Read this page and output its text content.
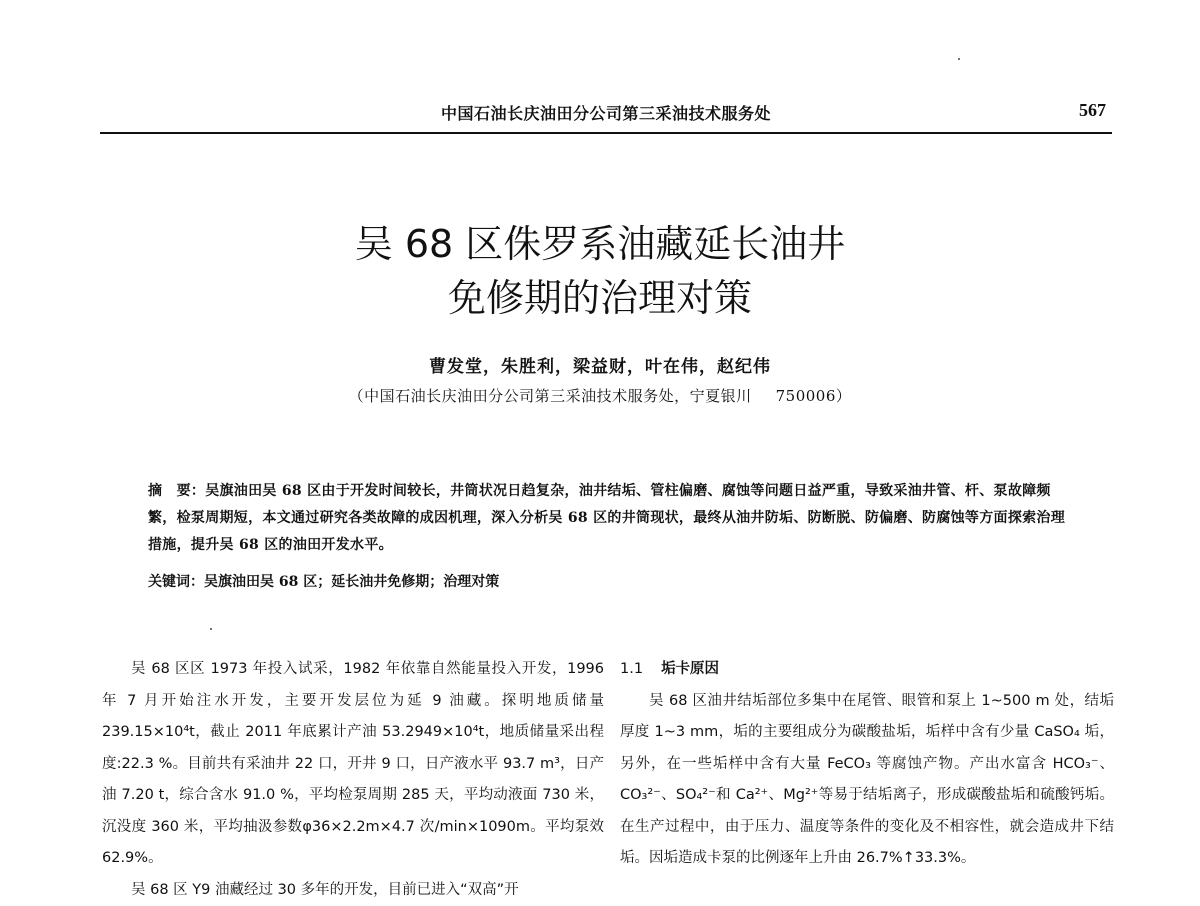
中国石油长庆油田分公司第三采油技术服务处	567
吴 68 区侏罗系油藏延长油井
免修期的治理对策
曹发堂，朱胜利，梁益财，叶在伟，赵纪伟
（中国石油长庆油田分公司第三采油技术服务处，宁夏银川 750006）
摘　要：吴旗油田吴 68 区由于开发时间较长，井筒状况日趋复杂，油井结垢、管柱偏磨、腐蚀等问题日益严重，导致采油井管、杆、泵故障频繁，检泵周期短，本文通过研究各类故障的成因机理，深入分析吴 68 区的井筒现状，最终从油井防垢、防断脱、防偏磨、防腐蚀等方面探索治理措施，提升吴 68 区的油田开发水平。
关键词：吴旗油田吴 68 区；延长油井免修期；治理对策

吴 68 区区 1973 年投入试采，1982 年依靠自然能量投入开发，1996 年 7 月开始注水开发，主要开发层位为延 9 油藏。探明地质储量 239.15×10⁴t，截止 2011 年底累计产油 53.2949×10⁴t，地质储量采出程度:22.3 %。目前共有采油井 22 口，开井 9 口，日产液水平 93.7 m³，日产油 7.20 t，综合含水 91.0 %，平均检泵周期 285 天，平均动液面 730 米，沉没度 360 米，平均抽汲参数φ36×2.2m×4.7 次/min×1090m。平均泵效 62.9%。

吴 68 区 Y9 油藏经过 30 多年的开发，目前已进入“双高”开

1.1 垢卡原因

吴 68 区油井结垢部位多集中在尾管、眼管和泵上 1~500 m 处，结垢厚度 1~3 mm，垢的主要组成分为碳酸盐垢，垢样中含有少量 CaSO₄ 垢，另外，在一些垢样中含有大量 FeCO₃ 等腐蚀产物。产出水富含 HCO₃⁻、CO₃²⁻、SO₄²⁻和 Ca²⁺、Mg²⁺等易于结垢离子，形成碳酸盐垢和硫酸钙垢。在生产过程中，由于压力、温度等条件的变化及不相容性，就会造成井下结垢。因垢造成卡泵的比例逐年上升由 26.7%↑33.3%。
